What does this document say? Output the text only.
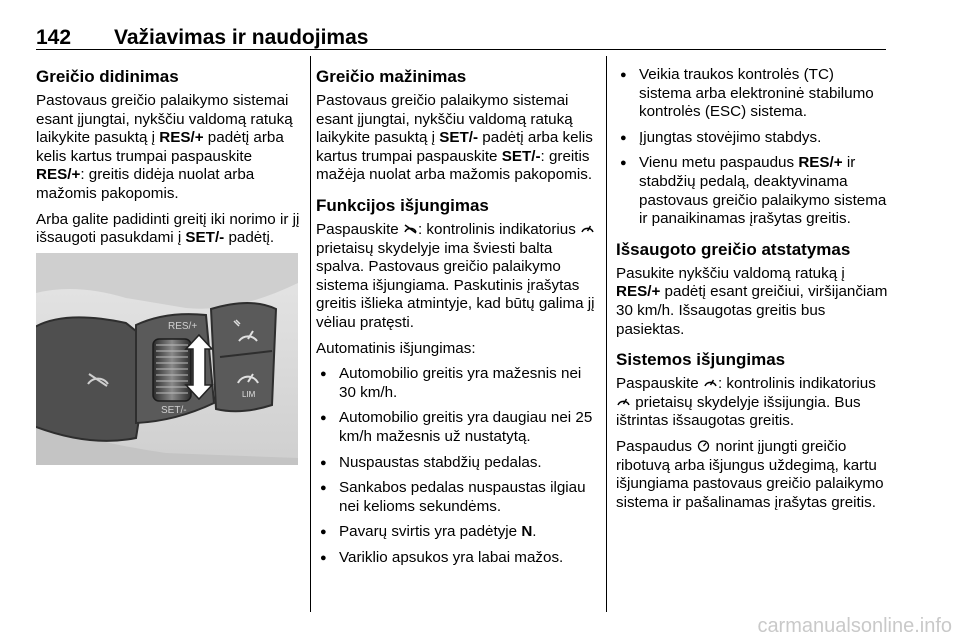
142 Važiavimas ir naudojimas
Greičio didinimas

Pastovaus greičio palaikymo sistemai esant įjungtai, nykščiu valdomą ratuką laikykite pasuktą į RES/+ padėtį arba kelis kartus trumpai paspauskite RES/+: greitis didėja nuolat arba mažomis pakopomis.

Arba galite padidinti greitį iki norimo ir jį išsaugoti pasukdami į SET/- padėtį.

RES/+
SET/-
LIM
Greičio mažinimas

Pastovaus greičio palaikymo sistemai esant įjungtai, nykščiu valdomą ratuką laikykite pasuktą į SET/- padėtį arba kelis kartus trumpai paspauskite SET/-: greitis mažėja nuolat arba mažomis pakopomis.

Funkcijos išjungimas

Paspauskite : kontrolinis indikatorius  prietaisų skydelyje ima šviesti balta spalva. Pastovaus greičio palaikymo sistema išjungiama. Paskutinis įrašytas greitis išlieka atmintyje, kad būtų galima jį vėliau pratęsti.

Automatinis išjungimas:

● Automobilio greitis yra mažesnis nei 30 km/h.
● Automobilio greitis yra daugiau nei 25 km/h mažesnis už nustatytą.
● Nuspaustas stabdžių pedalas.
● Sankabos pedalas nuspaustas ilgiau nei kelioms sekundėms.
● Pavarų svirtis yra padėtyje N.
● Variklio apsukos yra labai mažos.
● Veikia traukos kontrolės (TC) sistema arba elektroninė stabilumo kontrolės (ESC) sistema.
● Įjungtas stovėjimo stabdys.
● Vienu metu paspaudus RES/+ ir stabdžių pedalą, deaktyvinama pastovaus greičio palaikymo sistema ir panaikinamas įrašytas greitis.
Išsaugoto greičio atstatymas

Pasukite nykščiu valdomą ratuką į RES/+ padėtį esant greičiui, viršijančiam 30 km/h. Išsaugotas greitis bus pasiektas.

Sistemos išjungimas

Paspauskite : kontrolinis indikatorius  prietaisų skydelyje išsijungia. Bus ištrintas išsaugotas greitis.

Paspaudus  norint įjungti greičio ribotuvą arba išjungus uždegimą, kartu išjungiama pastovaus greičio palaikymo sistema ir pašalinamas įrašytas greitis.

carmanualsonline.info
